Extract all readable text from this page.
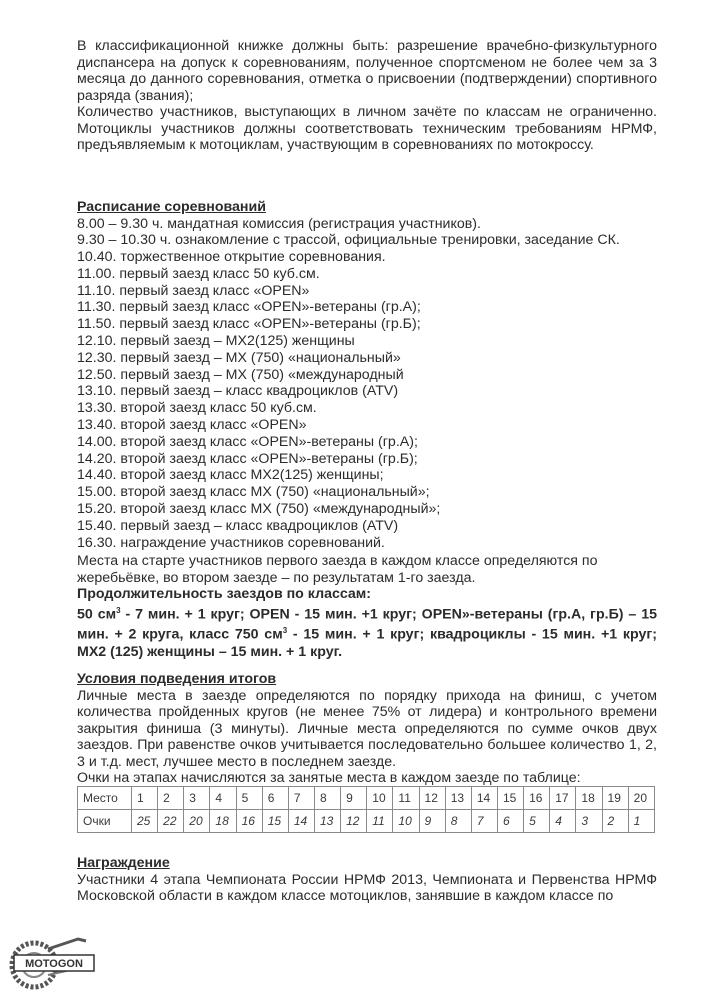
В классификационной книжке должны быть: разрешение врачебно-физкультурного диспансера на допуск к соревнованиям, полученное спортсменом не более чем за 3 месяца до данного соревнования, отметка о присвоении (подтверждении) спортивного разряда (звания);

Количество участников, выступающих в личном зачёте по классам не ограниченно. Мотоциклы участников должны соответствовать техническим требованиям НРМФ, предъявляемым к мотоциклам, участвующим в соревнованиях по мотокроссу.

Расписание соревнований

8.00 – 9.30 ч. мандатная комиссия (регистрация участников).
9.30 – 10.30 ч. ознакомление с трассой, официальные тренировки, заседание СК.
10.40. торжественное открытие соревнования.
11.00. первый заезд класс 50 куб.см.
11.10. первый заезд класс «OPEN»
11.30. первый заезд класс «OPEN»-ветераны (гр.А);
11.50. первый заезд класс «OPEN»-ветераны (гр.Б);
12.10. первый заезд – MX2(125) женщины
12.30. первый заезд – MX (750) «национальный»
12.50. первый заезд – MX (750) «международный
13.10. первый заезд – класс квадроциклов (ATV)
13.30. второй заезд класс 50 куб.см.
13.40. второй заезд класс «OPEN»
14.00. второй заезд класс «OPEN»-ветераны (гр.А);
14.20. второй заезд класс «OPEN»-ветераны (гр.Б);
14.40. второй заезд класс MX2(125) женщины;
15.00. второй заезд класс MX (750) «национальный»;
15.20. второй заезд класс MX (750) «международный»;
15.40. первый заезд – класс квадроциклов (ATV)
16.30. награждение участников соревнований.

Места на старте участников первого заезда в каждом классе определяются по жеребьёвке, во втором заезде – по результатам 1-го заезда.

Продолжительность заездов по классам:

50 $см^3 - 7$ мин. + 1 круг; OPEN - 15 мин. +1 круг; OPEN»-ветераны (гр.А, гр.Б) – 15 мин. + 2 круга, класс 750 $см^3 - 15$ мин. + 1 круг; квадроциклы - 15 мин. +1 круг; MX2 (125) женщины – 15 мин. + 1 круг.

Условия подведения итогов

Личные места в заезде определяются по порядку прихода на финиш, с учетом количества пройденных кругов (не менее 75% от лидера) и контрольного времени закрытия финиша (3 минуты). Личные места определяются по сумме очков двух заездов. При равенстве очков учитывается последовательно большее количество 1, 2, 3 и т.д. мест, лучшее место в последнем заезде.

Очки на этапах начисляются за занятые места в каждом заезде по таблице:

Место	1	2	3	4	5	6	7	8	9	10	11	12	13	14	15	16	17	18	19	20
Очки	25	22	20	18	16	15	14	13	12	11	10	9	8	7	6	5	4	3	2	1

Награждение

Участники 4 этапа Чемпионата России НРМФ 2013, Чемпионата и Первенства НРМФ Московской области в каждом классе мотоциклов, занявшие в каждом классе по

MOTOGON
